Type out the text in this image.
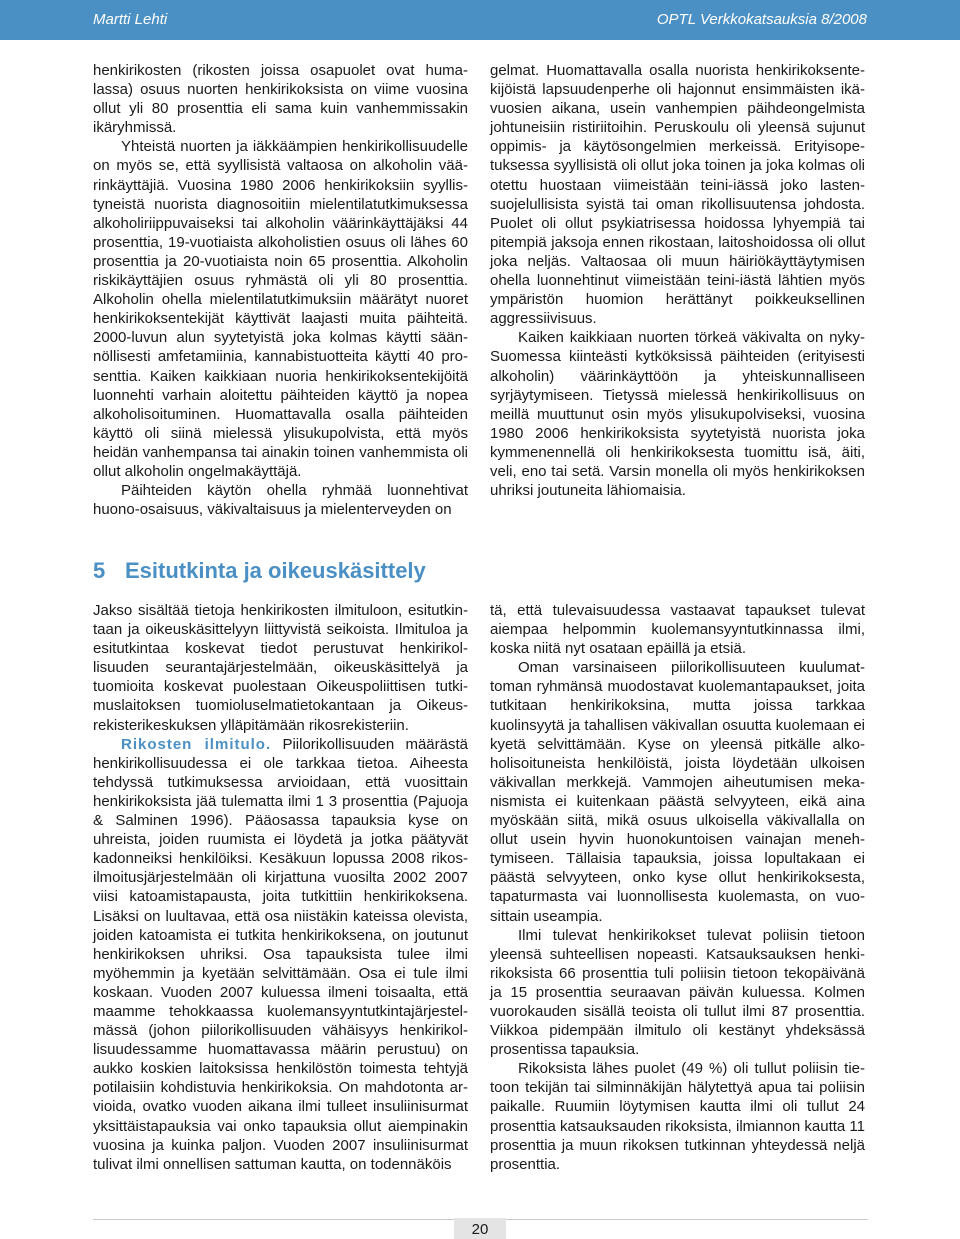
Martti Lehti	OPTL Verkkokatsauksia 8/2008

henkirikosten (rikosten joissa osapuolet ovat humalassa) osuus nuorten henkirikoksista on viime vuosina ollut yli 80 prosenttia eli sama kuin vanhemmissakin ikäryhmissä.

Yhteistä nuorten ja iäkkäämpien henkirikollisuudelle on myös se, että syyllisistä valtaosa on alkoholin väärinkäyttäjiä. Vuosina 1980 2006 henkirikoksiin syyllistyneistä nuorista diagnosoitiin mielentilatutkimuksessa alkoholiriippuvaiseksi tai alkoholin väärinkäyttäjäksi 44 prosenttia, 19-vuotiaista alkoholistien osuus oli lähes 60 prosenttia ja 20-vuotiaista noin 65 prosenttia. Alkoholin riskikäyttäjien osuus ryhmästä oli yli 80 prosenttia. Alkoholin ohella mielentilatutkimuksiin määrätyt nuoret henkirikoksentekijät käyttivät laajasti muita päihteitä. 2000-luvun alun syytetyistä joka kolmas käytti säännöllisesti amfetamiinia, kannabistuotteita käytti 40 prosenttia. Kaiken kaikkiaan nuoria henkirikoksentekijöitä luonnehti varhain aloitettu päihteiden käyttö ja nopea alkoholisoituminen. Huomattavalla osalla päihteiden käyttö oli siinä mielessä ylisukupolvista, että myös heidän vanhempansa tai ainakin toinen vanhemmista oli ollut alkoholin ongelmakäyttäjä.

Päihteiden käytön ohella ryhmää luonnehtivat huono-osaisuus, väkivaltaisuus ja mielenterveyden on

gelmat. Huomattavalla osalla nuorista henkirikoksentekijöistä lapsuudenperhe oli hajonnut ensimmäisten ikävuosien aikana, usein vanhempien päihdeongelmista johtuneisiin ristiriitoihin. Peruskoulu oli yleensä sujunut oppimis- ja käytösongelmien merkeissä. Erityisopetuksessa syyllisistä oli ollut joka toinen ja joka kolmas oli otettu huostaan viimeistään teini-iässä joko lastensuojelullisista syistä tai oman rikollisuutensa johdosta. Puolet oli ollut psykiatrisessa hoidossa lyhyempiä tai pitempiä jaksoja ennen rikostaan, laitoshoidossa oli ollut joka neljäs. Valtaosaa oli muun häiriökäyttäytymisen ohella luonnehtinut viimeistään teini-iästä lähtien myös ympäristön huomion herättänyt poikkeuksellinen aggressiivisuus.

Kaiken kaikkiaan nuorten törkeä väkivalta on nyky-Suomessa kiinteästi kytköksissä päihteiden (erityisesti alkoholin) väärinkäyttöön ja yhteiskunnalliseen syrjäytymiseen. Tietyssä mielessä henkirikollisuus on meillä muuttunut osin myös ylisukupolviseksi, vuosina 1980 2006 henkirikoksista syytetyistä nuorista joka kymmenennellä oli henkirikoksesta tuomittu isä, äiti, veli, eno tai setä. Varsin monella oli myös henkirikoksen uhriksi joutuneita lähiomaisia.

5 Esitutkinta ja oikeuskäsittely

Jakso sisältää tietoja henkirikosten ilmituloon, esitutkintaan ja oikeuskäsittelyyn liittyvistä seikoista. Ilmituloa ja esitutkintaa koskevat tiedot perustuvat henkirikollisuuden seurantajärjestelmään, oikeuskäsittelyä ja tuomioita koskevat puolestaan Oikeuspoliittisen tutkimuslaitoksen tuomioluselmatietokantaan ja Oikeusrekisterikeskuksen ylläpitämään rikosrekisteriin.

Rikosten ilmitulo. Piilorikollisuuden määrästä henkirikollisuudessa ei ole tarkkaa tietoa. Aiheesta tehdyssä tutkimuksessa arvioidaan, että vuosittain henkirikoksista jää tulematta ilmi 1 3 prosenttia (Pajuoja & Salminen 1996). Pääosassa tapauksia kyse on uhreista, joiden ruumista ei löydetä ja jotka päätyvät kadonneiksi henkilöiksi. Kesäkuun lopussa 2008 rikosilmoitusjärjestelmään oli kirjattuna vuosilta 2002 2007 viisi katoamistapausta, joita tutkittiin henkirikoksena. Lisäksi on luultavaa, että osa niistäkin kateissa olevista, joiden katoamista ei tutkita henkirikoksena, on joutunut henkirikoksen uhriksi. Osa tapauksista tulee ilmi myöhemmin ja kyetään selvittämään. Osa ei tule ilmi koskaan. Vuoden 2007 kuluessa ilmeni toisaalta, että maamme tehokkaassa kuolemansyyntutkintajärjestelmässä (johon piilorikollisuuden vähäisyys henkirikollisuudessamme huomattavassa määrin perustuu) on aukko koskien laitoksissa henkilöstön toimesta tehtyjä potilaisiin kohdistuvia henkirikoksia. On mahdotonta arvioida, ovatko vuoden aikana ilmi tulleet insuliinisurmat yksittäistapauksia vai onko tapauksia ollut aiempinakin vuosina ja kuinka paljon. Vuoden 2007 insuliinisurmat tulivat ilmi onnellisen sattuman kautta, on todennäköis

tä, että tulevaisuudessa vastaavat tapaukset tulevat aiempaa helpommin kuolemansyyntutkinnassa ilmi, koska niitä nyt osataan epäillä ja etsiä.

Oman varsinaiseen piilorikollisuuteen kuulumattoman ryhmänsä muodostavat kuolemantapaukset, joita tutkitaan henkirikoksina, mutta joissa tarkkaa kuolinsyytä ja tahallisen väkivallan osuutta kuolemaan ei kyetä selvittämään. Kyse on yleensä pitkälle alkoholisoituneista henkilöistä, joista löydetään ulkoisen väkivallan merkkejä. Vammojen aiheutumisen mekanismista ei kuitenkaan päästä selvyyteen, eikä aina myöskään siitä, mikä osuus ulkoisella väkivallalla on ollut usein hyvin huonokuntoisen vainajan menehtymiseen. Tällaisia tapauksia, joissa lopultakaan ei päästä selvyyteen, onko kyse ollut henkirikoksesta, tapaturmasta vai luonnollisesta kuolemasta, on vuosittain useampia.

Ilmi tulevat henkirikokset tulevat poliisin tietoon yleensä suhteellisen nopeasti. Katsauksauksen henkirikoksista 66 prosenttia tuli poliisin tietoon tekopäivänä ja 15 prosenttia seuraavan päivän kuluessa. Kolmen vuorokauden sisällä teoista oli tullut ilmi 87 prosenttia. Viikkoa pidempään ilmitulo oli kestänyt yhdeksässä prosentissa tapauksia.

Rikoksista lähes puolet (49 %) oli tullut poliisin tietoon tekijän tai silminnäkijän hälytettyä apua tai poliisin paikalle. Ruumiin löytymisen kautta ilmi oli tullut 24 prosenttia katsauksauden rikoksista, ilmiannon kautta 11 prosenttia ja muun rikoksen tutkinnan yhteydessä neljä prosenttia.

20
